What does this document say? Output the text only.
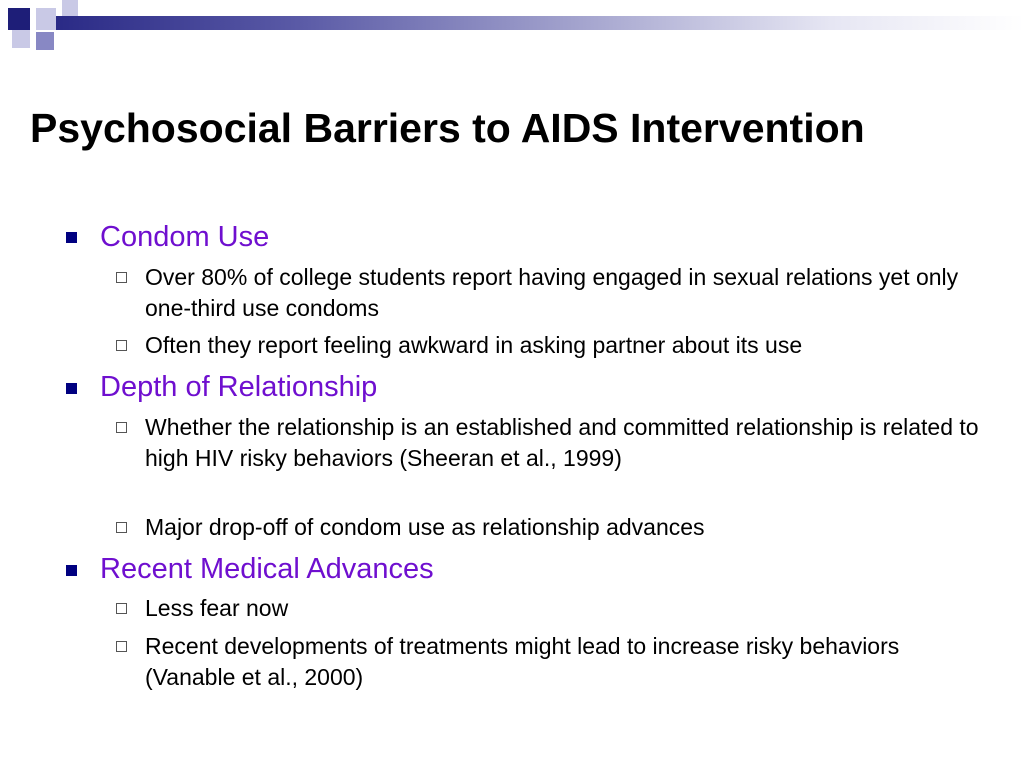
Psychosocial Barriers to AIDS Intervention
Condom Use
Over 80% of college students report having engaged in sexual relations yet only one-third use condoms
Often they report feeling awkward in asking partner about its use
Depth of Relationship
Whether the relationship is an established and committed relationship is related to high HIV risky behaviors (Sheeran et al., 1999)
Major drop-off of condom use as relationship advances
Recent Medical Advances
Less fear now
Recent developments of treatments might lead to increase risky behaviors (Vanable et al., 2000)
